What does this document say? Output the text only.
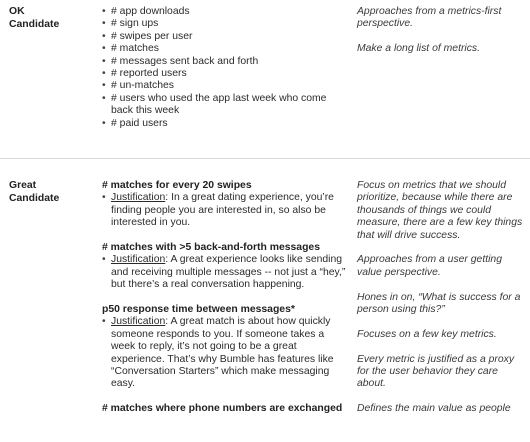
OK
Candidate
• # app downloads
• # sign ups
• # swipes per user
• # matches
• # messages sent back and forth
• # reported users
• # un-matches
• # users who used the app last week who come back this week
• # paid users

Approaches from a metrics-first perspective.

Make a long list of metrics.

Great
Candidate
# matches for every 20 swipes
• Justification: In a great dating experience, you’re finding people you are interested in, so also be interested in you.
# matches with >5 back-and-forth messages
• Justification: A great experience looks like sending and receiving multiple messages -- not just a “hey,” but there’s a real conversation happening.
p50 response time between messages*
• Justification: A great match is about how quickly someone responds to you. If someone takes a week to reply, it’s not going to be a great experience. That’s why Bumble has features like “Conversation Starters” which make messaging easy.
# matches where phone numbers are exchanged

Focus on metrics that we should prioritize, because while there are thousands of things we could measure, there are a few key things that will drive success.

Approaches from a user getting value perspective.

Hones in on, “What is success for a person using this?”

Focuses on a few key metrics.

Every metric is justified as a proxy for the user behavior they care about.

Defines the main value as people
